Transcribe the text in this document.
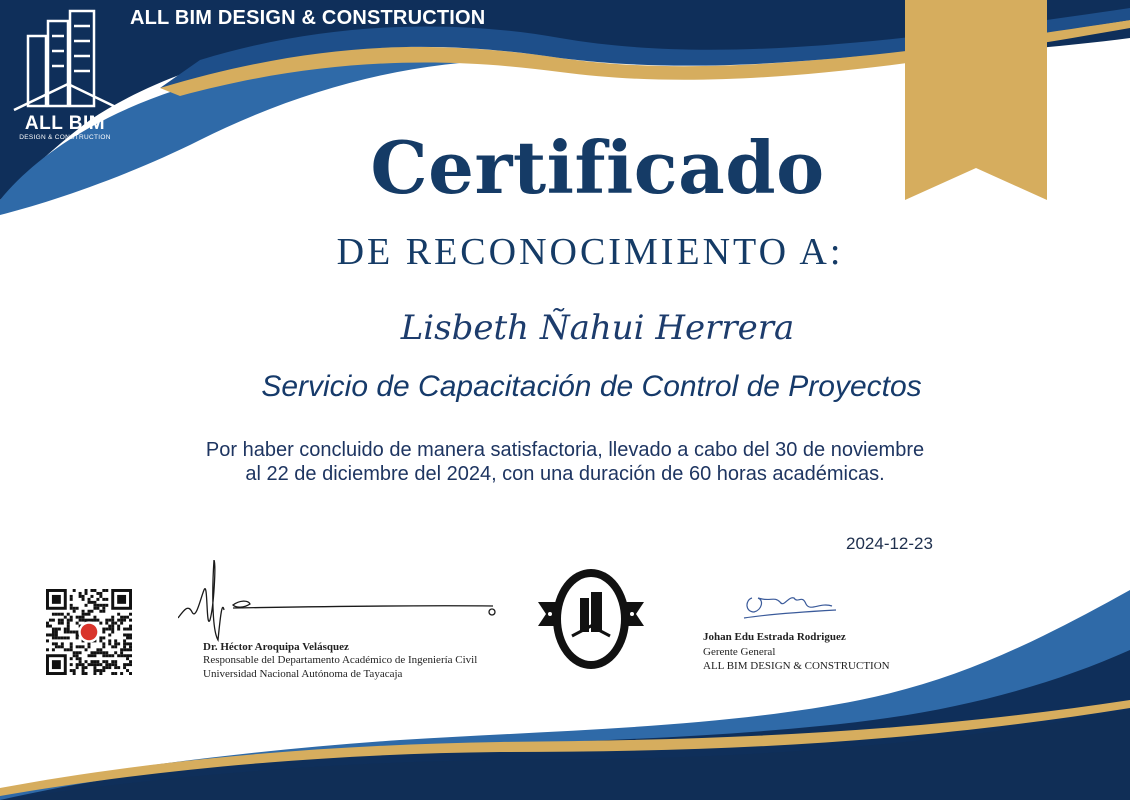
ALL BIM
DESIGN & CONSTRUCTION
ALL BIM DESIGN & CONSTRUCTION
Certificado
DE RECONOCIMIENTO A:
Lisbeth Ñahui Herrera
Servicio de Capacitación de Control de Proyectos
Por haber concluido de manera satisfactoria, llevado a cabo del 30 de noviembre
al 22 de diciembre del 2024, con una duración de 60 horas académicas.
2024-12-23
Dr. Héctor Aroquipa Velásquez
Responsable del Departamento Académico de Ingeniería Civil
Universidad Nacional Autónoma de Tayacaja
Johan Edu Estrada Rodriguez
Gerente General
ALL BIM DESIGN & CONSTRUCTION
